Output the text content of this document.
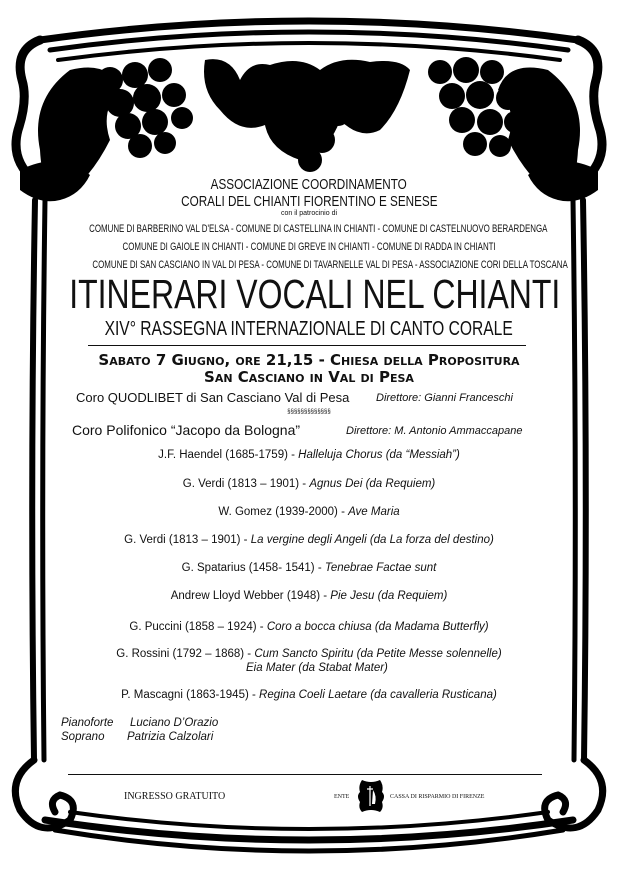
ASSOCIAZIONE COORDINAMENTO
CORALI DEL CHIANTI FIORENTINO E SENESE
con il patrocinio di
COMUNE DI BARBERINO VAL D'ELSA - COMUNE DI CASTELLINA IN CHIANTI - COMUNE DI CASTELNUOVO BERARDENGA
COMUNE DI GAIOLE IN CHIANTI - COMUNE DI GREVE IN CHIANTI - COMUNE DI RADDA IN CHIANTI
COMUNE DI SAN CASCIANO IN VAL DI PESA - COMUNE DI TAVARNELLE VAL DI PESA - ASSOCIAZIONE CORI DELLA TOSCANA
ITINERARI VOCALI NEL CHIANTI
XIV° RASSEGNA INTERNAZIONALE DI CANTO CORALE
Sabato 7 Giugno, ore 21,15 - Chiesa della Propositura
San Casciano in Val di Pesa
Coro QUODLIBET di San Casciano Val di Pesa Direttore: Gianni Franceschi
§§§§§§§§§§§§§
Coro Polifonico “Jacopo da Bologna”	Direttore: M. Antonio Ammaccapane
J.F. Haendel (1685-1759) - Halleluja Chorus (da “Messiah”)
G. Verdi (1813 – 1901) - Agnus Dei (da Requiem)
W. Gomez (1939-2000) - Ave Maria
G. Verdi (1813 – 1901) - La vergine degli Angeli (da La forza del destino)
G. Spatarius (1458- 1541) - Tenebrae Factae sunt
Andrew Lloyd Webber (1948) - Pie Jesu (da Requiem)
G. Puccini (1858 – 1924) - Coro a bocca chiusa (da Madama Butterfly)
G. Rossini (1792 – 1868) - Cum Sancto Spiritu (da Petite Messe solennelle)
Eia Mater (da Stabat Mater)
P. Mascagni (1863-1945) - Regina Coeli Laetare (da cavalleria Rusticana)
Pianoforte Luciano D’Orazio
Soprano Patrizia Calzolari
INGRESSO GRATUITO	ENTE	CASSA DI RISPARMIO DI FIRENZE
